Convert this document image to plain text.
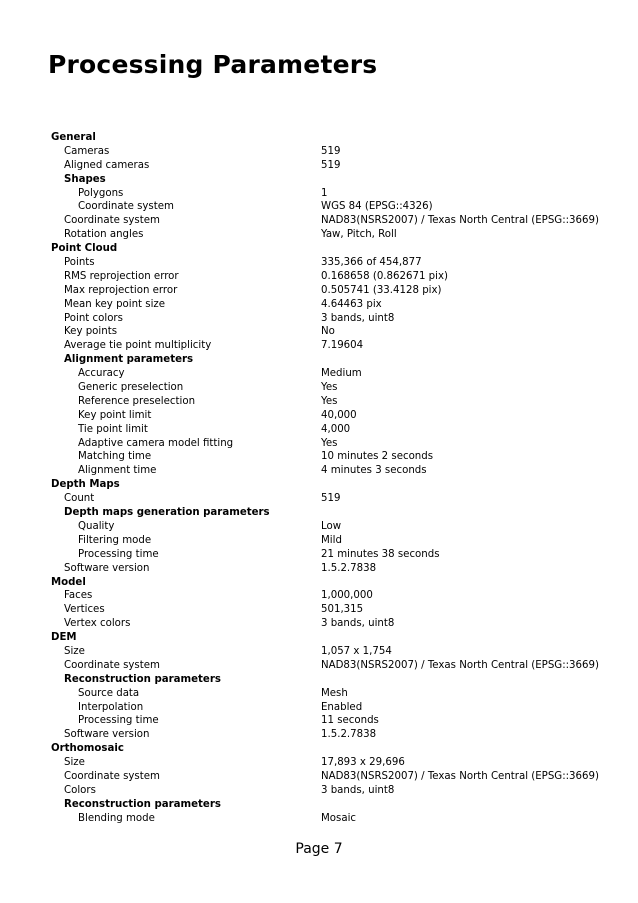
Processing Parameters
General
Cameras	519
Aligned cameras	519
Shapes
Polygons	1
Coordinate system	WGS 84 (EPSG::4326)
Coordinate system	NAD83(NSRS2007) / Texas North Central (EPSG::3669)
Rotation angles	Yaw, Pitch, Roll
Point Cloud
Points	335,366 of 454,877
RMS reprojection error	0.168658 (0.862671 pix)
Max reprojection error	0.505741 (33.4128 pix)
Mean key point size	4.64463 pix
Point colors	3 bands, uint8
Key points	No
Average tie point multiplicity	7.19604
Alignment parameters
Accuracy	Medium
Generic preselection	Yes
Reference preselection	Yes
Key point limit	40,000
Tie point limit	4,000
Adaptive camera model fitting	Yes
Matching time	10 minutes 2 seconds
Alignment time	4 minutes 3 seconds
Depth Maps
Count	519
Depth maps generation parameters
Quality	Low
Filtering mode	Mild
Processing time	21 minutes 38 seconds
Software version	1.5.2.7838
Model
Faces	1,000,000
Vertices	501,315
Vertex colors	3 bands, uint8
DEM
Size	1,057 x 1,754
Coordinate system	NAD83(NSRS2007) / Texas North Central (EPSG::3669)
Reconstruction parameters
Source data	Mesh
Interpolation	Enabled
Processing time	11 seconds
Software version	1.5.2.7838
Orthomosaic
Size	17,893 x 29,696
Coordinate system	NAD83(NSRS2007) / Texas North Central (EPSG::3669)
Colors	3 bands, uint8
Reconstruction parameters
Blending mode	Mosaic
Page 7
